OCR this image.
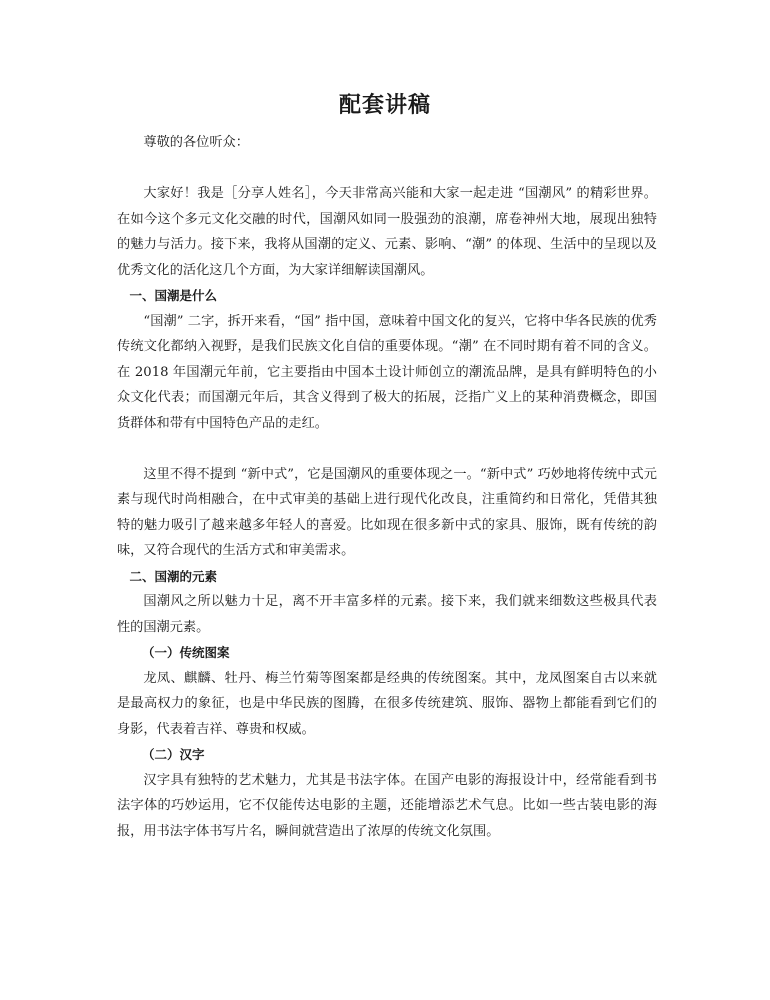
配套讲稿

尊敬的各位听众：

大家好！我是［分享人姓名］，今天非常高兴能和大家一起走进 “国潮风” 的精彩世界。在如今这个多元文化交融的时代，国潮风如同一股强劲的浪潮，席卷神州大地，展现出独特的魅力与活力。接下来，我将从国潮的定义、元素、影响、“潮” 的体现、生活中的呈现以及优秀文化的活化这几个方面，为大家详细解读国潮风。

一、国潮是什么

“国潮” 二字，拆开来看，“国” 指中国，意味着中国文化的复兴，它将中华各民族的优秀传统文化都纳入视野，是我们民族文化自信的重要体现。“潮” 在不同时期有着不同的含义。在 2018 年国潮元年前，它主要指由中国本土设计师创立的潮流品牌，是具有鲜明特色的小众文化代表；而国潮元年后，其含义得到了极大的拓展，泛指广义上的某种消费概念，即国货群体和带有中国特色产品的走红。

这里不得不提到 “新中式”，它是国潮风的重要体现之一。“新中式” 巧妙地将传统中式元素与现代时尚相融合，在中式审美的基础上进行现代化改良，注重简约和日常化，凭借其独特的魅力吸引了越来越多年轻人的喜爱。比如现在很多新中式的家具、服饰，既有传统的韵味，又符合现代的生活方式和审美需求。

二、国潮的元素

国潮风之所以魅力十足，离不开丰富多样的元素。接下来，我们就来细数这些极具代表性的国潮元素。

（一）传统图案

龙凤、麒麟、牡丹、梅兰竹菊等图案都是经典的传统图案。其中，龙凤图案自古以来就是最高权力的象征，也是中华民族的图腾，在很多传统建筑、服饰、器物上都能看到它们的身影，代表着吉祥、尊贵和权威。

（二）汉字

汉字具有独特的艺术魅力，尤其是书法字体。在国产电影的海报设计中，经常能看到书法字体的巧妙运用，它不仅能传达电影的主题，还能增添艺术气息。比如一些古装电影的海报，用书法字体书写片名，瞬间就营造出了浓厚的传统文化氛围。
